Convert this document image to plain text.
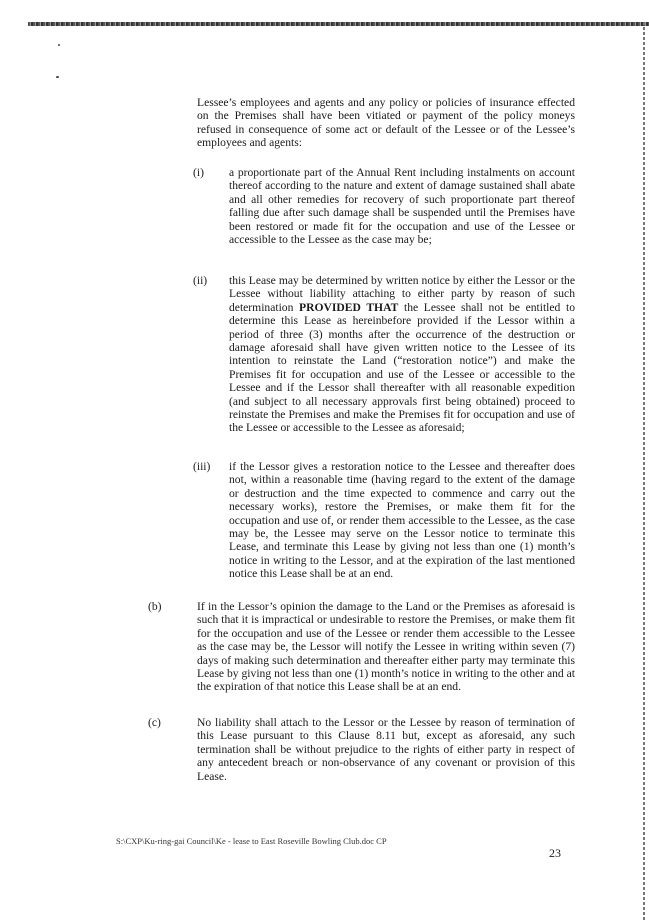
Lessee’s employees and agents and any policy or policies of insurance effected on the Premises shall have been vitiated or payment of the policy moneys refused in consequence of some act or default of the Lessee or of the Lessee’s employees and agents:
(i) a proportionate part of the Annual Rent including instalments on account thereof according to the nature and extent of damage sustained shall abate and all other remedies for recovery of such proportionate part thereof falling due after such damage shall be suspended until the Premises have been restored or made fit for the occupation and use of the Lessee or accessible to the Lessee as the case may be;
(ii) this Lease may be determined by written notice by either the Lessor or the Lessee without liability attaching to either party by reason of such determination PROVIDED THAT the Lessee shall not be entitled to determine this Lease as hereinbefore provided if the Lessor within a period of three (3) months after the occurrence of the destruction or damage aforesaid shall have given written notice to the Lessee of its intention to reinstate the Land (“restoration notice”) and make the Premises fit for occupation and use of the Lessee or accessible to the Lessee and if the Lessor shall thereafter with all reasonable expedition (and subject to all necessary approvals first being obtained) proceed to reinstate the Premises and make the Premises fit for occupation and use of the Lessee or accessible to the Lessee as aforesaid;
(iii) if the Lessor gives a restoration notice to the Lessee and thereafter does not, within a reasonable time (having regard to the extent of the damage or destruction and the time expected to commence and carry out the necessary works), restore the Premises, or make them fit for the occupation and use of, or render them accessible to the Lessee, as the case may be, the Lessee may serve on the Lessor notice to terminate this Lease, and terminate this Lease by giving not less than one (1) month’s notice in writing to the Lessor, and at the expiration of the last mentioned notice this Lease shall be at an end.
(b)	If in the Lessor’s opinion the damage to the Land or the Premises as aforesaid is such that it is impractical or undesirable to restore the Premises, or make them fit for the occupation and use of the Lessee or render them accessible to the Lessee as the case may be, the Lessor will notify the Lessee in writing within seven (7) days of making such determination and thereafter either party may terminate this Lease by giving not less than one (1) month’s notice in writing to the other and at the expiration of that notice this Lease shall be at an end.
(c)	No liability shall attach to the Lessor or the Lessee by reason of termination of this Lease pursuant to this Clause 8.11 but, except as aforesaid, any such termination shall be without prejudice to the rights of either party in respect of any antecedent breach or non-observance of any covenant or provision of this Lease.
S:\CXP\Ku-ring-gai Council\Ke - lease to East Roseville Bowling Club.doc CP
23
